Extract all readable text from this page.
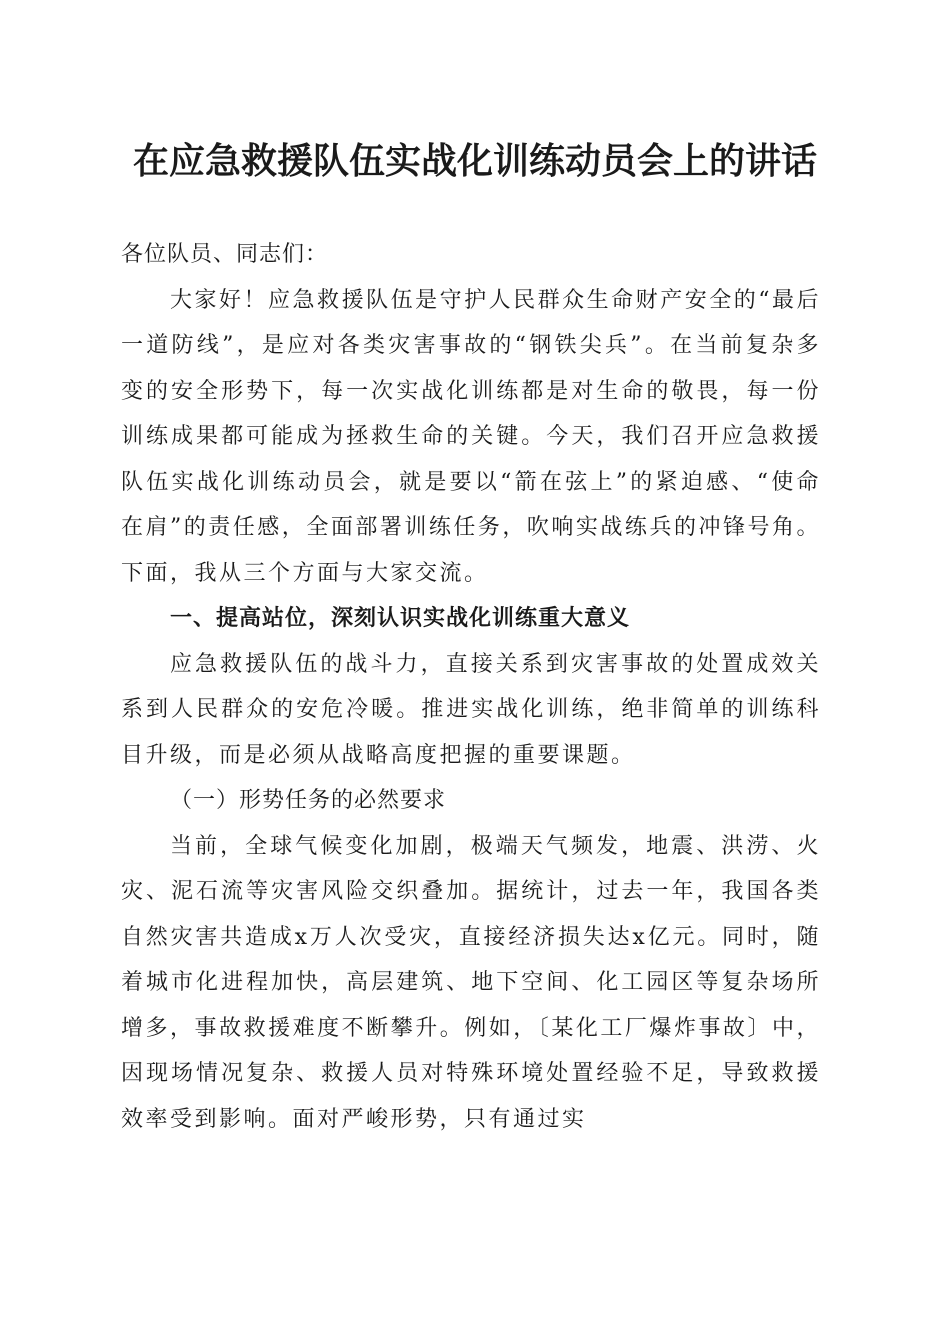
在应急救援队伍实战化训练动员会上的讲话

各位队员、同志们：

大家好！应急救援队伍是守护人民群众生命财产安全的“最后一道防线”，是应对各类灾害事故的“钢铁尖兵”。在当前复杂多变的安全形势下，每一次实战化训练都是对生命的敬畏，每一份训练成果都可能成为拯救生命的关键。今天，我们召开应急救援队伍实战化训练动员会，就是要以“箭在弦上”的紧迫感、“使命在肩”的责任感，全面部署训练任务，吹响实战练兵的冲锋号角。下面，我从三个方面与大家交流。

一、提高站位，深刻认识实战化训练重大意义

应急救援队伍的战斗力，直接关系到灾害事故的处置成效关系到人民群众的安危冷暖。推进实战化训练，绝非简单的训练科目升级，而是必须从战略高度把握的重要课题。

（一）形势任务的必然要求

当前，全球气候变化加剧，极端天气频发，地震、洪涝、火灾、泥石流等灾害风险交织叠加。据统计，过去一年，我国各类自然灾害共造成x万人次受灾，直接经济损失达x亿元。同时，随着城市化进程加快，高层建筑、地下空间、化工园区等复杂场所增多，事故救援难度不断攀升。例如，〔某化工厂爆炸事故〕中，因现场情况复杂、救援人员对特殊环境处置经验不足，导致救援效率受到影响。面对严峻形势，只有通过实
